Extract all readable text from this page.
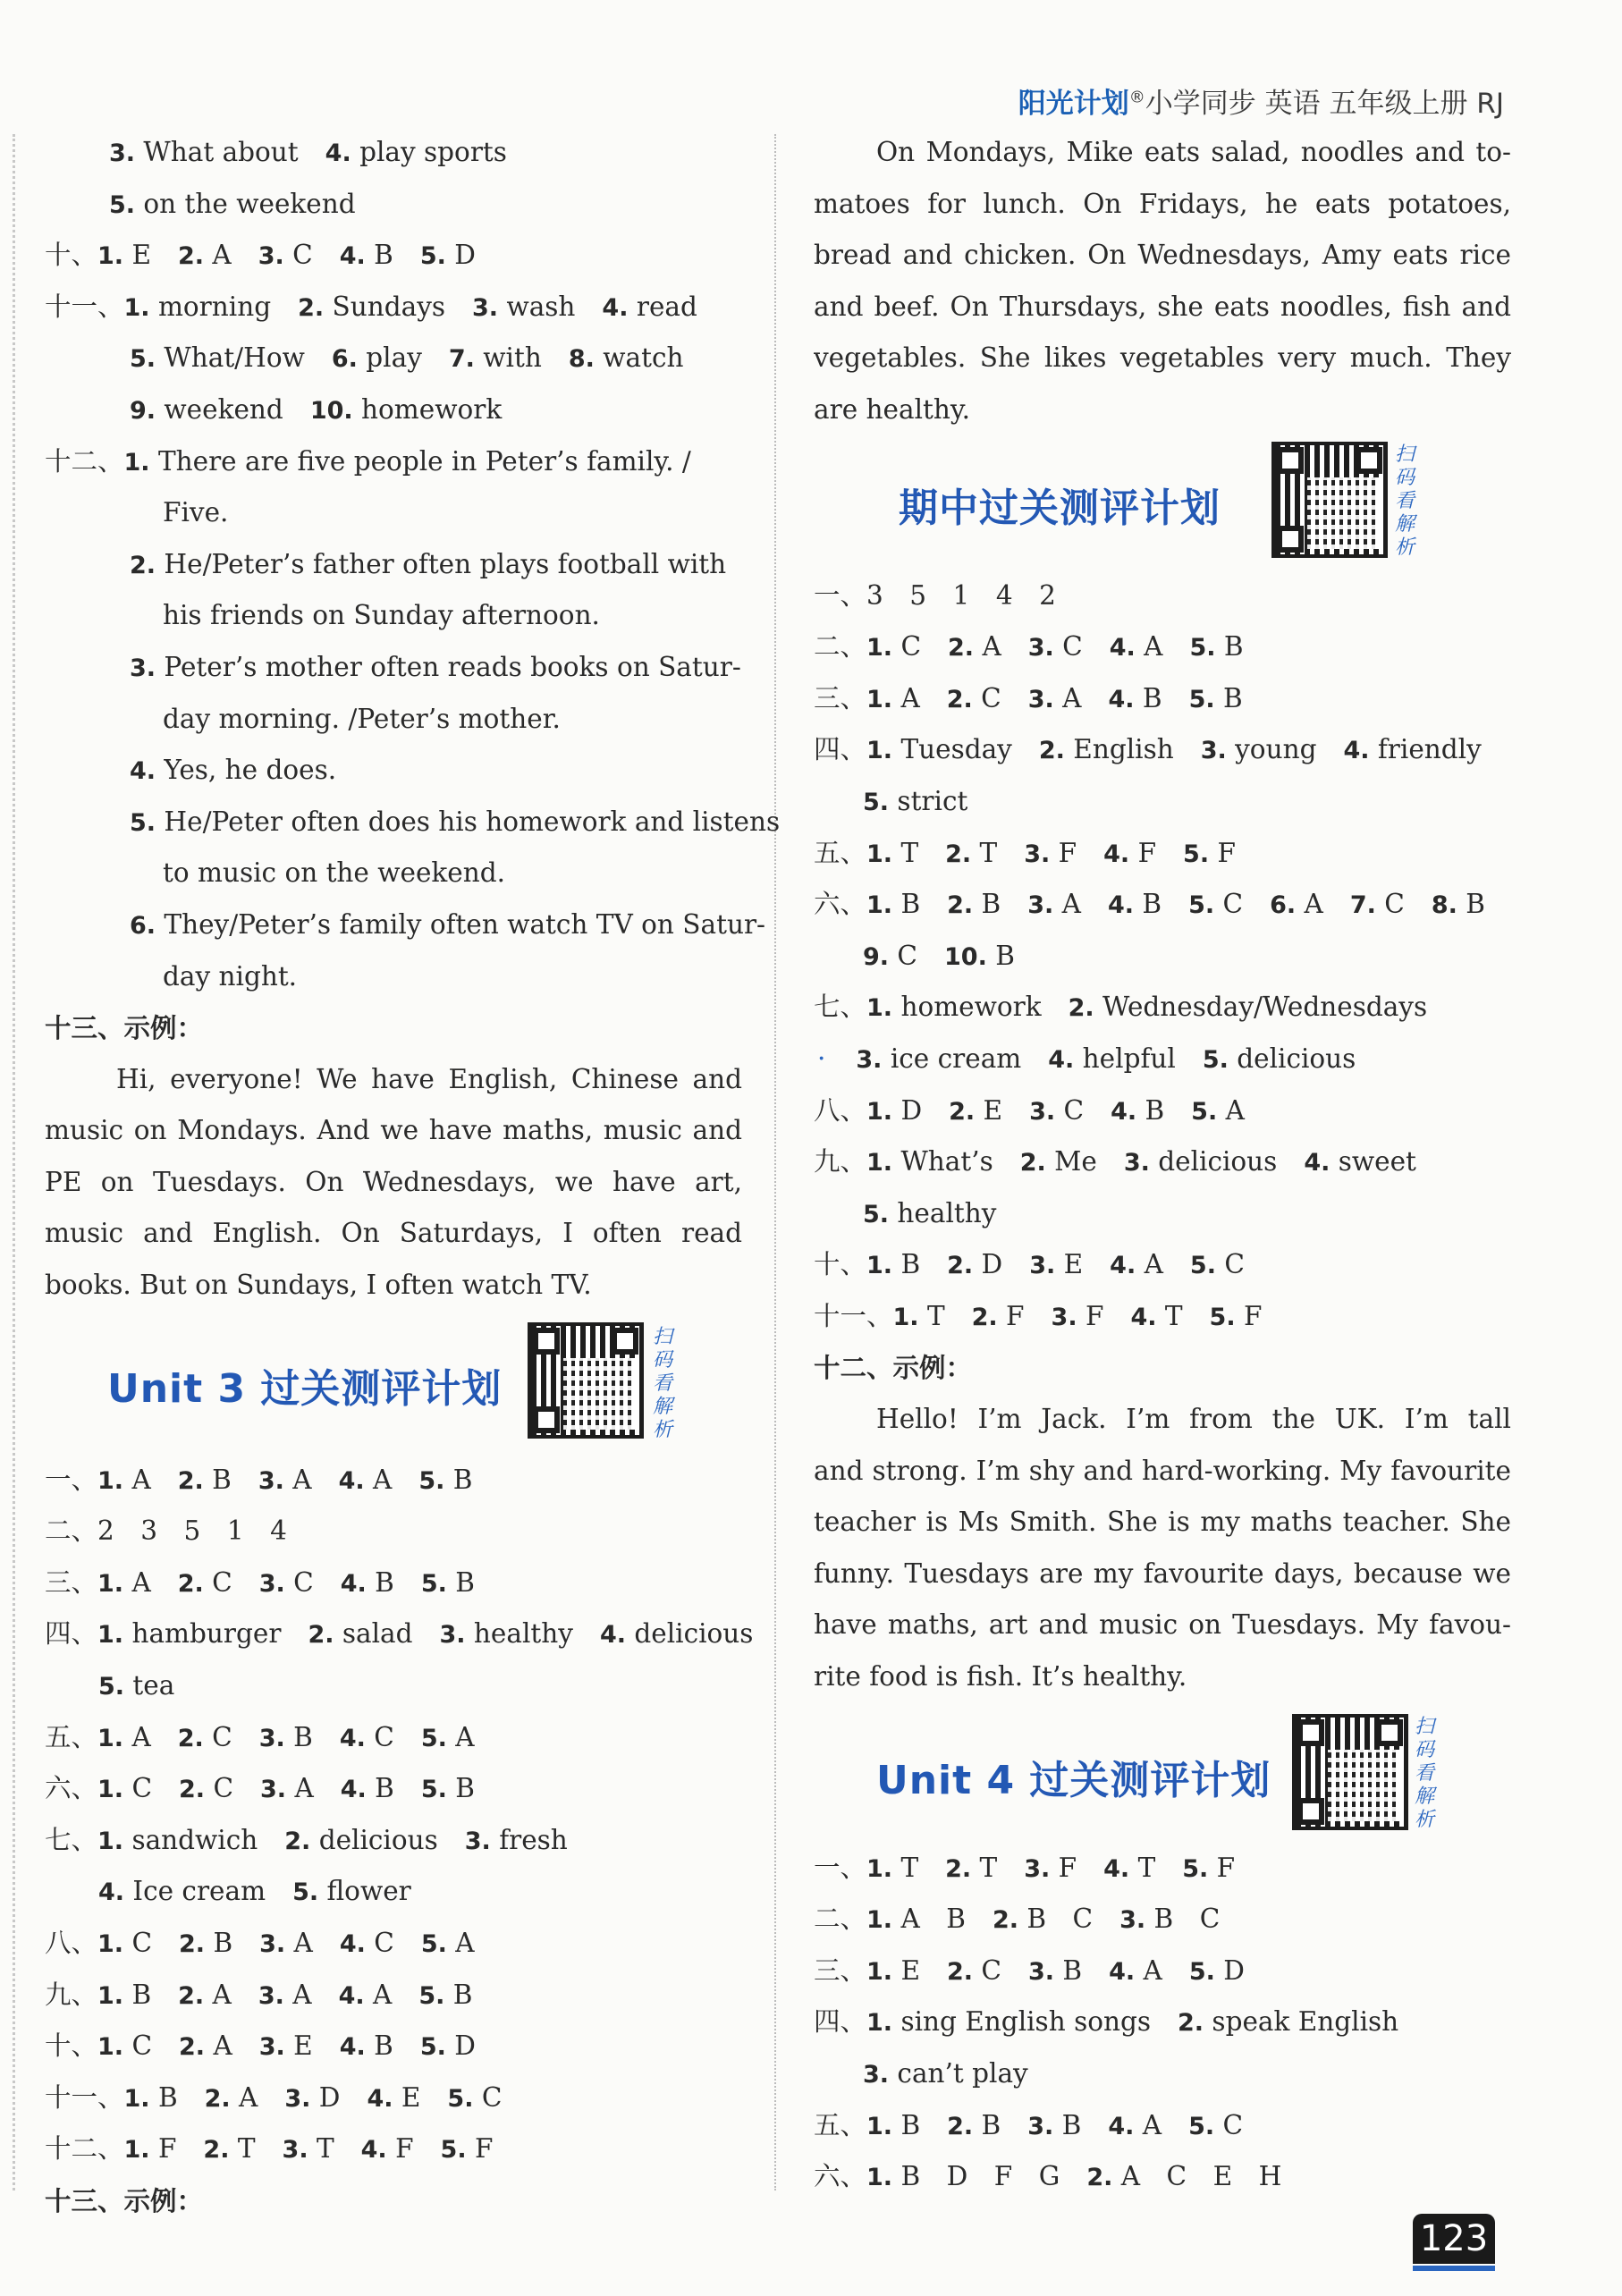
阳光计划®小学同步 英语 五年级上册 RJ
3. What about 4. play sports
5. on the weekend
十、1. E 2. A 3. C 4. B 5. D
十一、1. morning 2. Sundays 3. wash 4. read
5. What/How 6. play 7. with 8. watch
9. weekend 10. homework
十二、1. There are five people in Peter’s family. /
Five.
2. He/Peter’s father often plays football with
his friends on Sunday afternoon.
3. Peter’s mother often reads books on Satur-
day morning. /Peter’s mother.
4. Yes, he does.
5. He/Peter often does his homework and listens
to music on the weekend.
6. They/Peter’s family often watch TV on Satur-
day night.
十三、示例：
Hi, everyone! We have English, Chinese and
music on Mondays. And we have maths, music and
PE on Tuesdays. On Wednesdays, we have art,
music and English. On Saturdays, I often read
books. But on Sundays, I often watch TV.
Unit 3 过关测评计划
扫码看解析
一、1. A 2. B 3. A 4. A 5. B
二、2　3　5　1　4
三、1. A 2. C 3. C 4. B 5. B
四、1. hamburger 2. salad 3. healthy 4. delicious
5. tea
五、1. A 2. C 3. B 4. C 5. A
六、1. C 2. C 3. A 4. B 5. B
七、1. sandwich 2. delicious 3. fresh
4. Ice cream 5. flower
八、1. C 2. B 3. A 4. C 5. A
九、1. B 2. A 3. A 4. A 5. B
十、1. C 2. A 3. E 4. B 5. D
十一、1. B 2. A 3. D 4. E 5. C
十二、1. F 2. T 3. T 4. F 5. F
十三、示例：
On Mondays, Mike eats salad, noodles and to-
matoes for lunch. On Fridays, he eats potatoes,
bread and chicken. On Wednesdays, Amy eats rice
and beef. On Thursdays, she eats noodles, fish and
vegetables. She likes vegetables very much. They
are healthy.
期中过关测评计划
扫码看解析
一、3　5　1　4　2
二、1. C 2. A 3. C 4. A 5. B
三、1. A 2. C 3. A 4. B 5. B
四、1. Tuesday 2. English 3. young 4. friendly
5. strict
五、1. T 2. T 3. F 4. F 5. F
六、1. B 2. B 3. A 4. B 5. C 6. A 7. C 8. B
9. C 10. B
七、1. homework 2. Wednesday/Wednesdays
· 3. ice cream 4. helpful 5. delicious
八、1. D 2. E 3. C 4. B 5. A
九、1. What’s 2. Me 3. delicious 4. sweet
5. healthy
十、1. B 2. D 3. E 4. A 5. C
十一、1. T 2. F 3. F 4. T 5. F
十二、示例：
Hello! I’m Jack. I’m from the UK. I’m tall
and strong. I’m shy and hard-working. My favourite
teacher is Ms Smith. She is my maths teacher. She
funny. Tuesdays are my favourite days, because we
have maths, art and music on Tuesdays. My favou-
rite food is fish. It’s healthy.
Unit 4 过关测评计划
扫码看解析
一、1. T 2. T 3. F 4. T 5. F
二、1. A　B 2. B　C 3. B　C
三、1. E 2. C 3. B 4. A 5. D
四、1. sing English songs 2. speak English
3. can’t play
五、1. B 2. B 3. B 4. A 5. C
六、1. B　D　F　G 2. A　C　E　H
123
